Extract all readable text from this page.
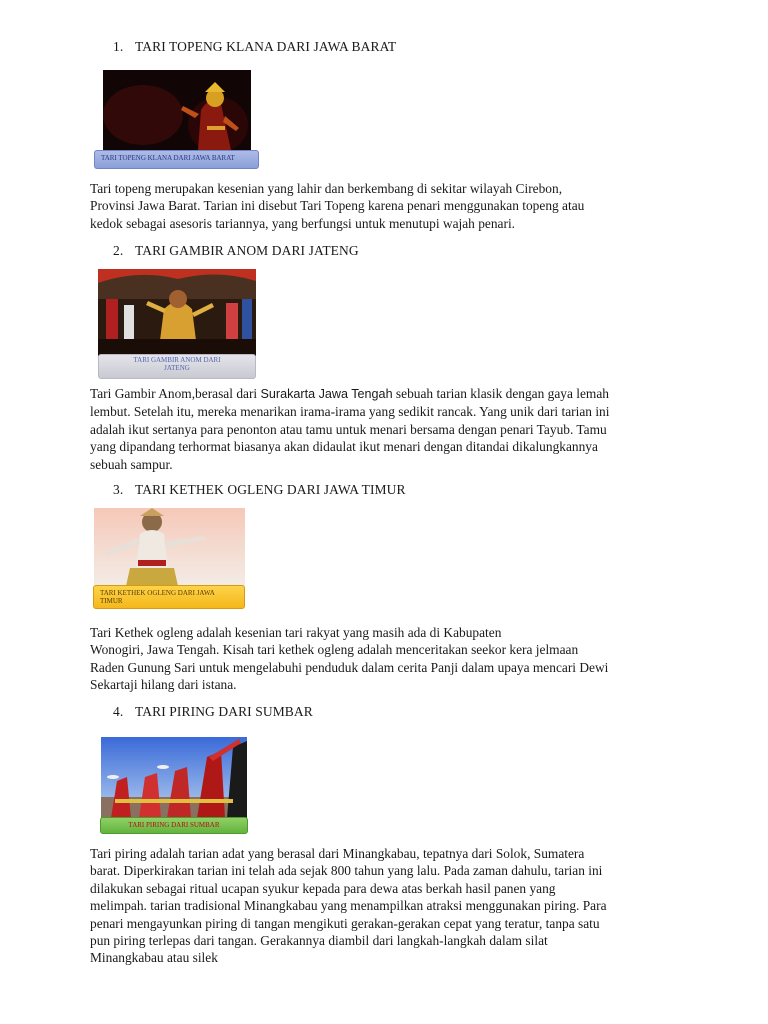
1. TARI TOPENG KLANA DARI JAWA BARAT
TARI TOPENG KLANA DARI JAWA BARAT
Tari topeng merupakan kesenian yang lahir dan berkembang di sekitar wilayah Cirebon,
Provinsi Jawa Barat. Tarian ini disebut Tari Topeng karena penari menggunakan topeng atau
kedok sebagai asesoris tariannya, yang berfungsi untuk menutupi wajah penari.
2. TARI GAMBIR ANOM DARI JATENG
TARI GAMBIR ANOM DARI
JATENG
Tari Gambir Anom,berasal dari Surakarta Jawa Tengah sebuah tarian klasik dengan gaya lemah
lembut. Setelah itu, mereka menarikan irama-irama yang sedikit rancak. Yang unik dari tarian ini
adalah ikut sertanya para penonton atau tamu untuk menari bersama dengan penari Tayub. Tamu
yang dipandang terhormat biasanya akan didaulat ikut menari dengan ditandai dikalungkannya
sebuah sampur.
3. TARI KETHEK OGLENG DARI JAWA TIMUR
TARI KETHEK OGLENG DARI JAWA
TIMUR
Tari Kethek ogleng adalah kesenian tari rakyat yang masih ada di Kabupaten
Wonogiri, Jawa Tengah. Kisah tari kethek ogleng adalah menceritakan seekor kera jelmaan
Raden Gunung Sari untuk mengelabuhi penduduk dalam cerita Panji dalam upaya mencari Dewi
Sekartaji hilang dari istana.
4. TARI PIRING DARI SUMBAR
TARI PIRING DARI SUMBAR
Tari piring adalah tarian adat yang berasal dari Minangkabau, tepatnya dari Solok, Sumatera
barat. Diperkirakan tarian ini telah ada sejak 800 tahun yang lalu. Pada zaman dahulu, tarian ini
dilakukan sebagai ritual ucapan syukur kepada para dewa atas berkah hasil panen yang
melimpah. tarian tradisional Minangkabau yang menampilkan atraksi menggunakan piring. Para
penari mengayunkan piring di tangan mengikuti gerakan-gerakan cepat yang teratur, tanpa satu
pun piring terlepas dari tangan. Gerakannya diambil dari langkah-langkah dalam silat
Minangkabau atau silek
